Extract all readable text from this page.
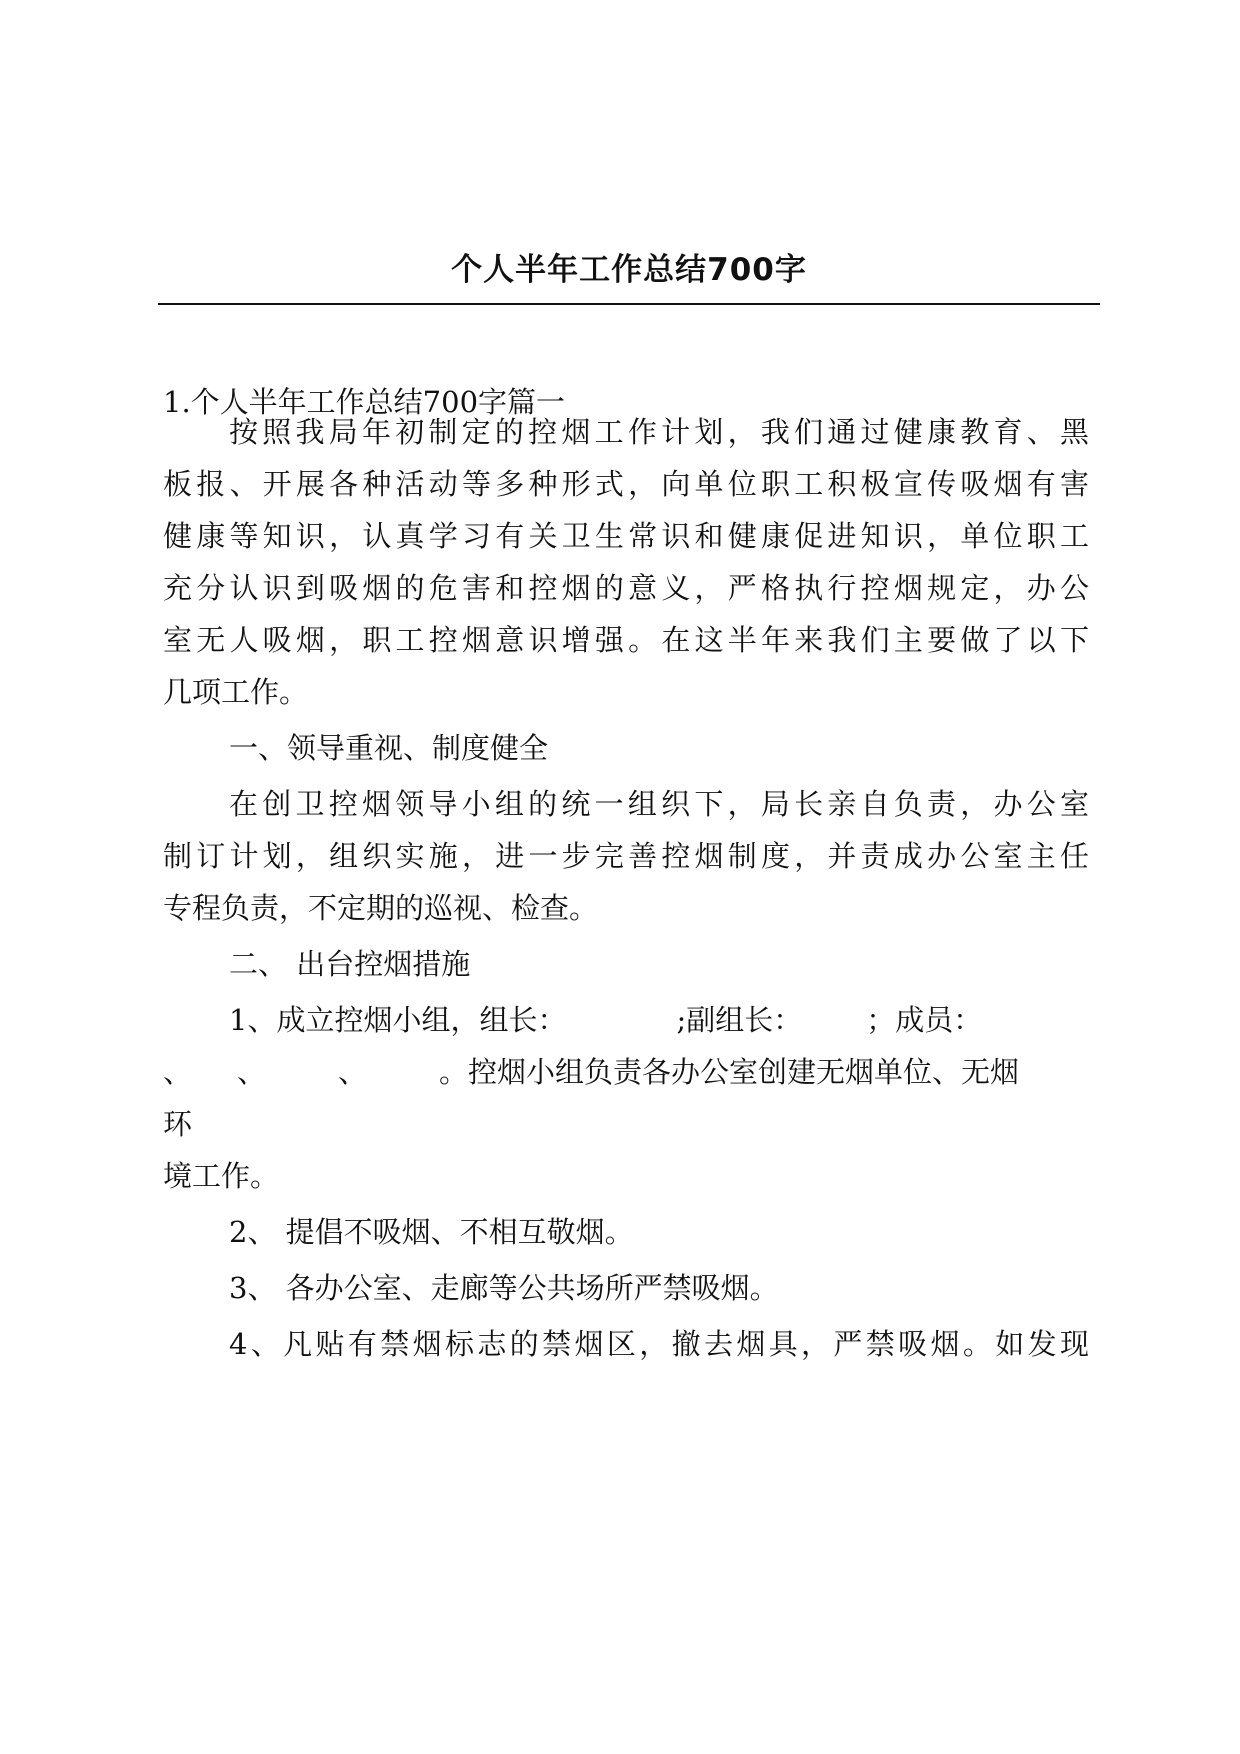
个人半年工作总结700字
1.个人半年工作总结700字篇一
按照我局年初制定的控烟工作计划，我们通过健康教育、黑
板报、开展各种活动等多种形式，向单位职工积极宣传吸烟有害
健康等知识，认真学习有关卫生常识和健康促进知识，单位职工
充分认识到吸烟的危害和控烟的意义，严格执行控烟规定，办公
室无人吸烟，职工控烟意识增强。在这半年来我们主要做了以下
几项工作。
一、领导重视、制度健全
在创卫控烟领导小组的统一组织下，局长亲自负责，办公室
制订计划，组织实施，进一步完善控烟制度，并责成办公室主任
专程负责，不定期的巡视、检查。
二、 出台控烟措施
1、成立控烟小组，组长：	;副组长： ；成员：
、 、 、 。控烟小组负责各办公室创建无烟单位、无烟
环
境工作。
2、 提倡不吸烟、不相互敬烟。
3、 各办公室、走廊等公共场所严禁吸烟。
4、凡贴有禁烟标志的禁烟区，撤去烟具，严禁吸烟。如发现
